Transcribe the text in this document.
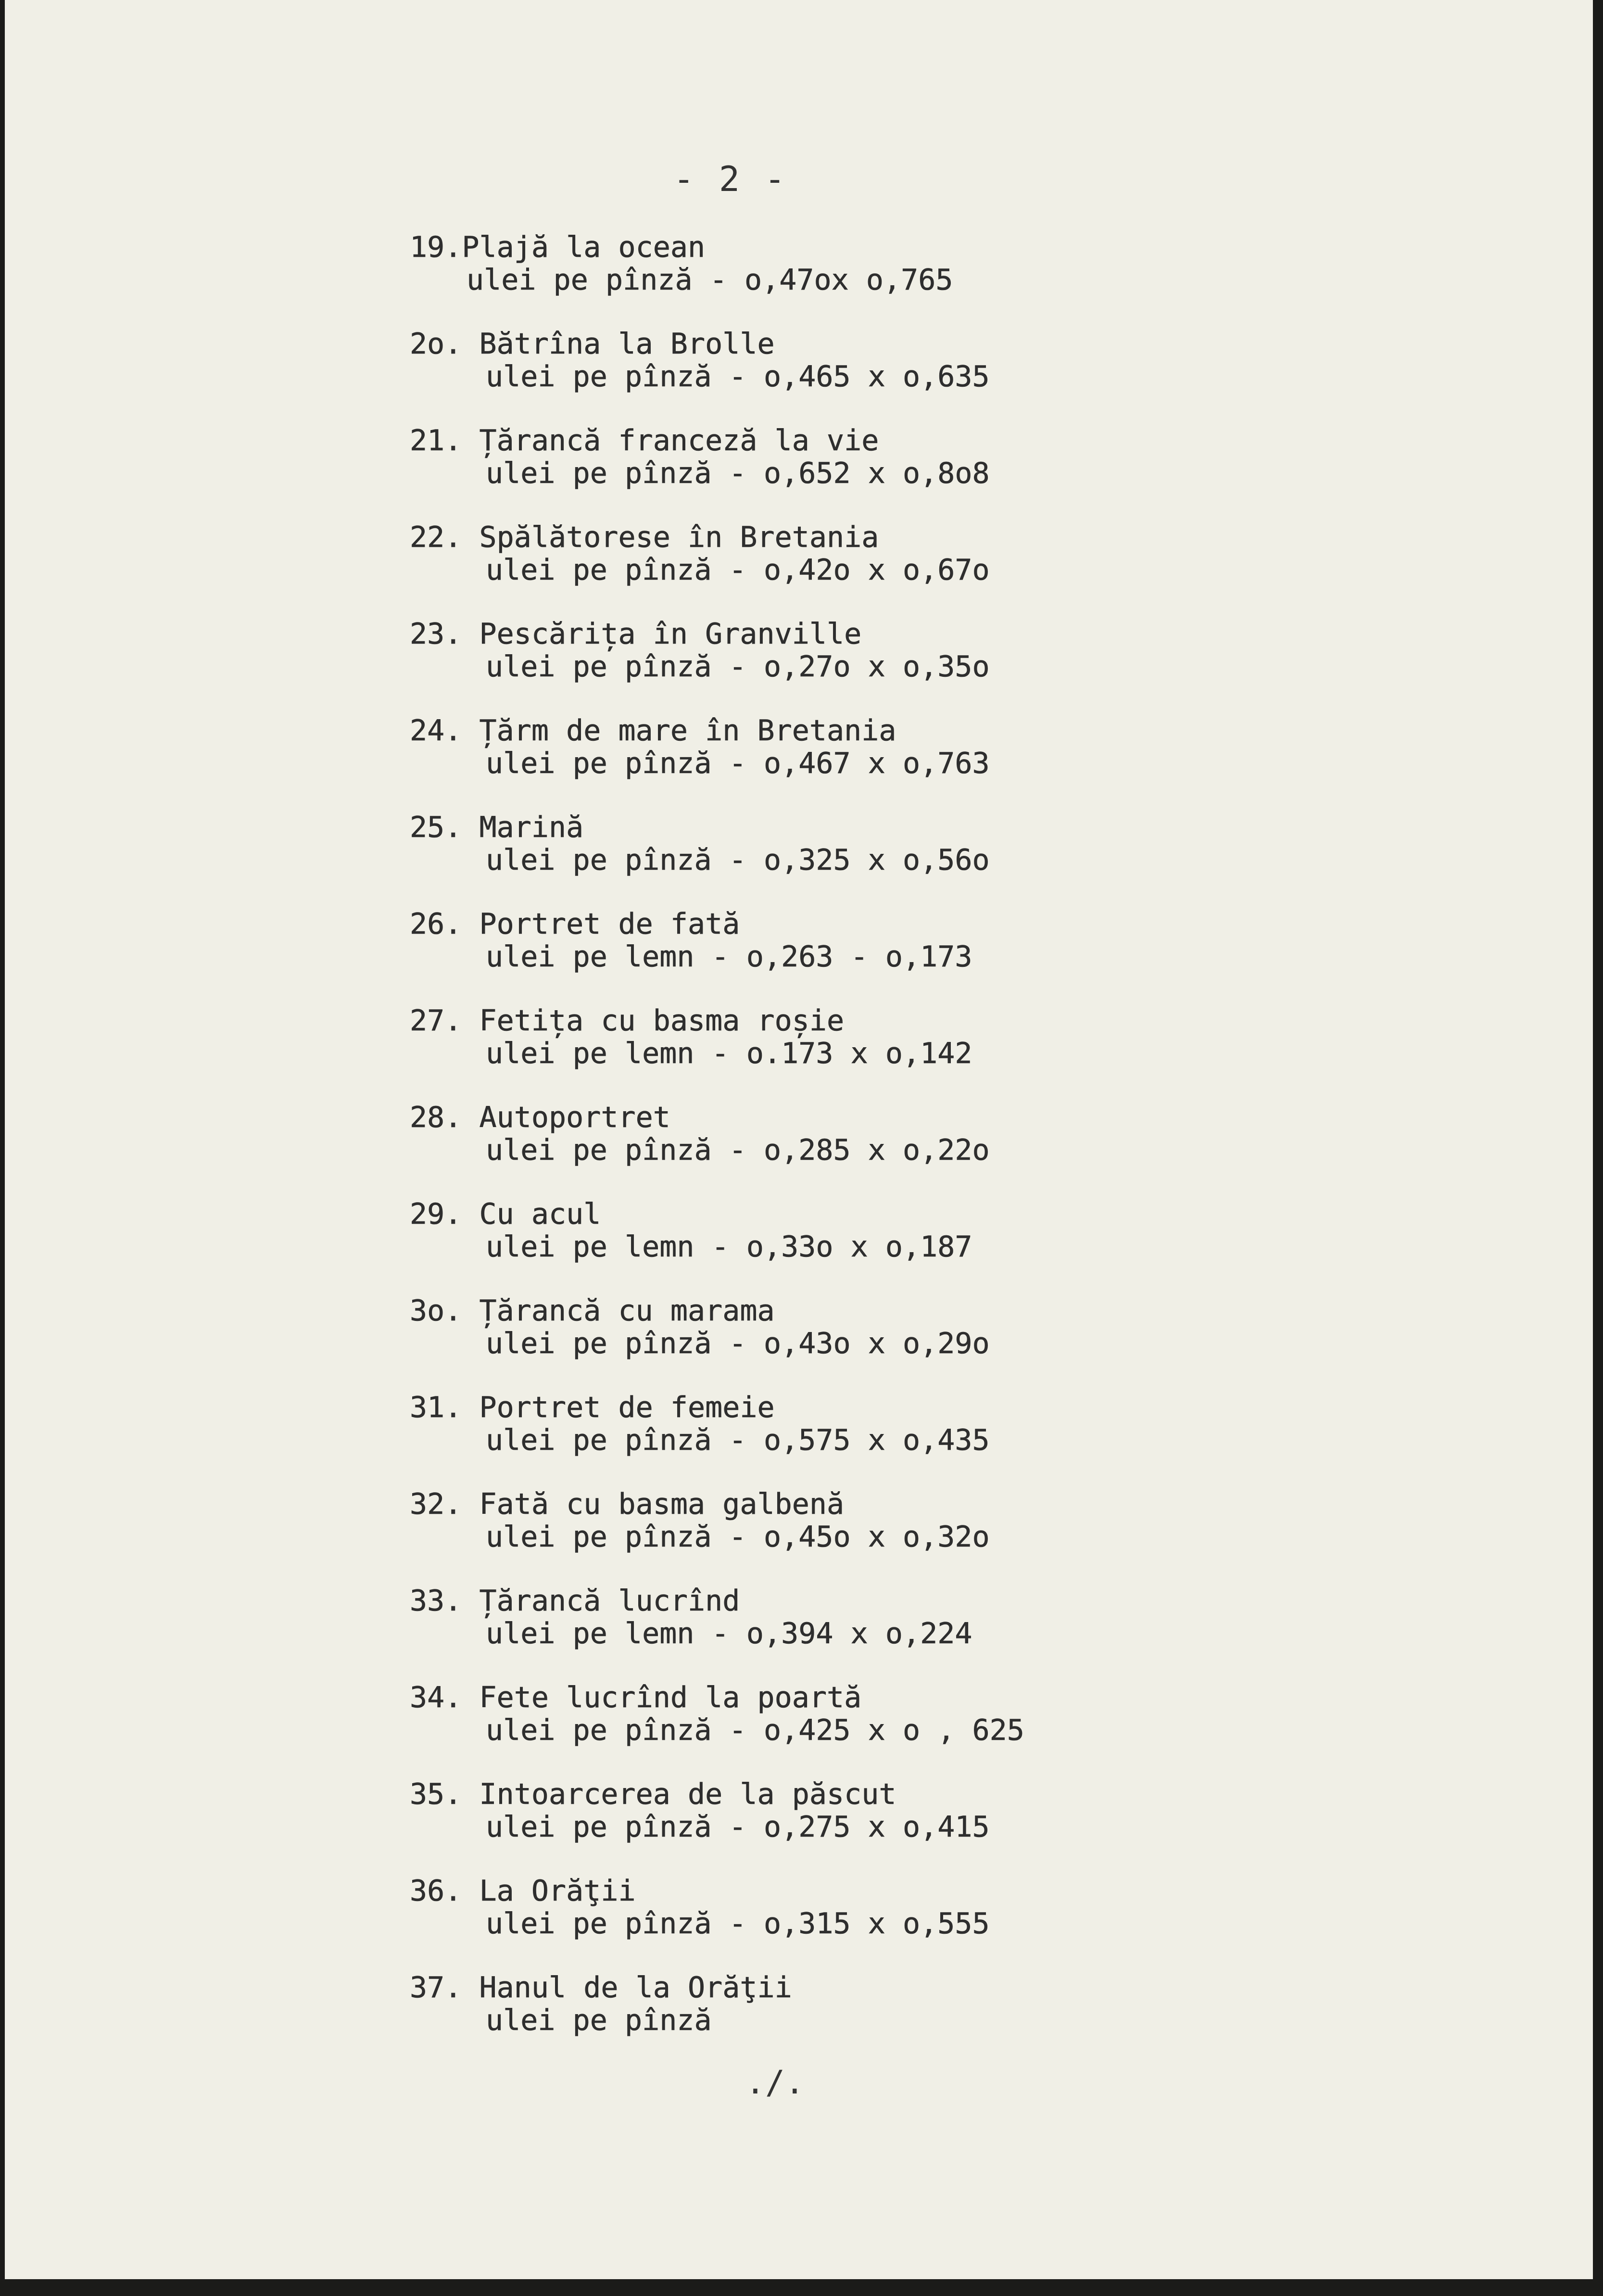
- 2 -
19.Plajă la ocean
ulei pe pînză - o,47ox o,765
2o. Bătrîna la Brolle
ulei pe pînză - o,465 x o,635
21. Țărancă franceză la vie
ulei pe pînză - o,652 x o,8o8
22. Spălătorese în Bretania
ulei pe pînză - o,42o x o,67o
23. Pescărița în Granville
ulei pe pînză - o,27o x o,35o
24. Țărm de mare în Bretania
ulei pe pînză - o,467 x o,763
25. Marină
ulei pe pînză - o,325 x o,56o
26. Portret de fată
ulei pe lemn - o,263 - o,173
27. Fetița cu basma roșie
ulei pe lemn - o.173 x o,142
28. Autoportret
ulei pe pînză - o,285 x o,22o
29. Cu acul
ulei pe lemn - o,33o x o,187
3o. Țărancă cu marama
ulei pe pînză - o,43o x o,29o
31. Portret de femeie
ulei pe pînză - o,575 x o,435
32. Fată cu basma galbenă
ulei pe pînză - o,45o x o,32o
33. Țărancă lucrînd
ulei pe lemn - o,394 x o,224
34. Fete lucrînd la poartă
ulei pe pînză - o,425 x o , 625
35. Intoarcerea de la păscut
ulei pe pînză - o,275 x o,415
36. La Orăţii
ulei pe pînză - o,315 x o,555
37. Hanul de la Orăţii
ulei pe pînză
./.
